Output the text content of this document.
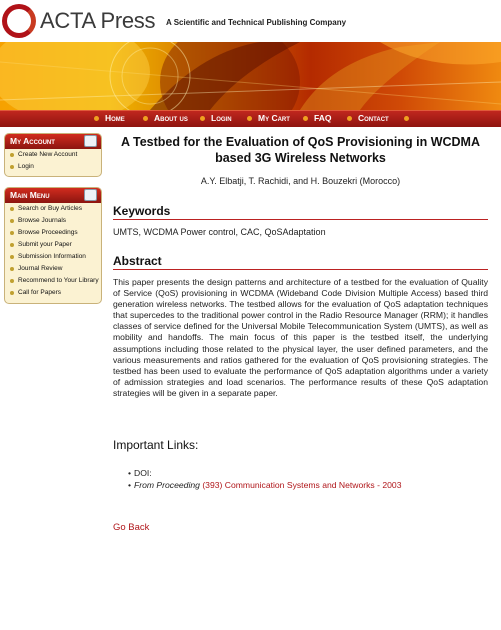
ACTA Press A Scientific and Technical Publishing Company
Home	About us	Login	My Cart	FAQ	Contact
My Account
Create New Account
Login
Main Menu
Search or Buy Articles
Browse Journals
Browse Proceedings
Submit your Paper
Submission Information
Journal Review
Recommend to Your Library
Call for Papers
A Testbed for the Evaluation of QoS Provisioning in WCDMA based 3G Wireless Networks
A.Y. Elbatji, T. Rachidi, and H. Bouzekri (Morocco)
Keywords
UMTS, WCDMA Power control, CAC, QoSAdaptation
Abstract
This paper presents the design patterns and architecture of a testbed for the evaluation of Quality of Service (QoS) provisioning in WCDMA (Wideband Code Division Multiple Access) based third generation wireless networks. The testbed allows for the evaluation of QoS adaptation techniques that supercedes to the traditional power control in the Radio Resource Manager (RRM); it handles classes of service defined for the Universal Mobile Telecommunication System (UMTS), as well as mobility and handoffs. The main focus of this paper is the testbed itself, the underlying assumptions including those related to the physical layer, the user defined parameters, and the various measurements and ratios gathered for the evaluation of QoS provisioning strategies. The testbed has been used to evaluate the performance of QoS adaptation algorithms under a variety of admission strategies and load scenarios. The performance results of these QoS adaptation strategies will be given in a separate paper.
Important Links:
• DOI:
• From Proceeding (393) Communication Systems and Networks - 2003
Go Back
